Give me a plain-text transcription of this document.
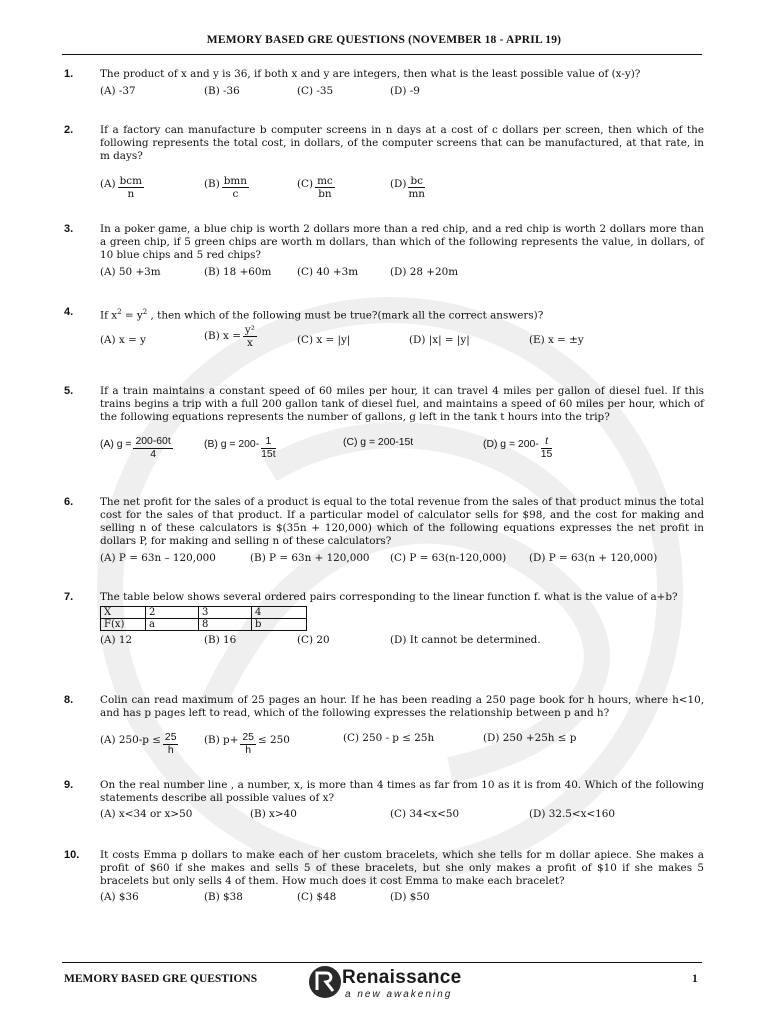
MEMORY BASED GRE QUESTIONS (NOVEMBER 18 - APRIL 19)
1.	The product of x and y is 36, if both x and y are integers, then what is the least possible value of (x-y)?
(A) -37	(B) -36	(C) -35	(D) -9
2.	If a factory can manufacture b computer screens in n days at a cost of c dollars per screen, then which of the following represents the total cost, in dollars, of the computer screens that can be manufactured, at that rate, in m days?
$(A) \frac{\text{bcm}}{n}$	$(B) \frac{\text{bmn}}{c}$	$(C) \frac{mc}{bn}$	$(D) \frac{bc}{mn}$
3.	In a poker game, a blue chip is worth 2 dollars more than a red chip, and a red chip is worth 2 dollars more than a green chip, if 5 green chips are worth m dollars, than which of the following represents the value, in dollars, of 10 blue chips and 5 red chips?
(A) 50 +3m	(B) 18 +60m (C) 40 +3m	(D) 28 +20m
4.	If $x^2 = y^2$ , then which of the following must be true?(mark all the correct answers)?
(A) x = y	(B) $x = \frac{\text{y²}}{x}$	(C) x = |y|	(D) |x| = |y|	(E) x = ±y
5.	If a train maintains a constant speed of 60 miles per hour, it can travel 4 miles per gallon of diesel fuel. If this trains begins a trip with a full 200 gallon tank of diesel fuel, and maintains a speed of 60 miles per hour, which of the following equations represents the number of gallons, g left in the tank t hours into the trip?
(A) $g = \frac{200-60t}{4}$	(B) $g = 200- \frac{1}{15t}$	(C) g = 200-15t	(D) $g = 200- \frac{t}{15}$
6.	The net profit for the sales of a product is equal to the total revenue from the sales of that product minus the total cost for the sales of that product. If a particular model of calculator sells for $98, and the cost for making and selling n of these calculators is $(35n + 120,000) which of the following equations expresses the net profit in dollars P, for making and selling n of these calculators?
(A) P = 63n – 120,000	(B) P = 63n + 120,000 (C) P = 63(n-120,000) (D) P = 63(n + 120,000)
7.	The table below shows several ordered pairs corresponding to the linear function f. what is the value of a+b?
X	2	3	4
F(x)	a	8	b
(A) 12	(B) 16	(C) 20	(D) It cannot be determined.
8.	Colin can read maximum of 25 pages an hour. If he has been reading a 250 page book for h hours, where h<10, and has p pages left to read, which of the following expresses the relationship between p and h?
(A) $250-p \le \frac{25}{h} (B)$ $p+ \frac{25}{h} \le 250$	(C) 250 - p ≤ 25h	(D) 250 +25h ≤ p
9.	On the real number line , a number, x, is more than 4 times as far from 10 as it is from 40. Which of the following statements describe all possible values of x?
(A) x<34 or x>50	(B) x>40	(C) 34<x<50	(D) 32.5<x<160
10.	It costs Emma p dollars to make each of her custom bracelets, which she tells for m dollar apiece. She makes a profit of $60 if she makes and sells 5 of these bracelets, but she only makes a profit of $10 if she makes 5 bracelets but only sells 4 of them. How much does it cost Emma to make each bracelet?
(A) $36	(B) $38	(C) $48	(D) $50
MEMORY BASED GRE QUESTIONS	Renaissance
a new awakening
1
